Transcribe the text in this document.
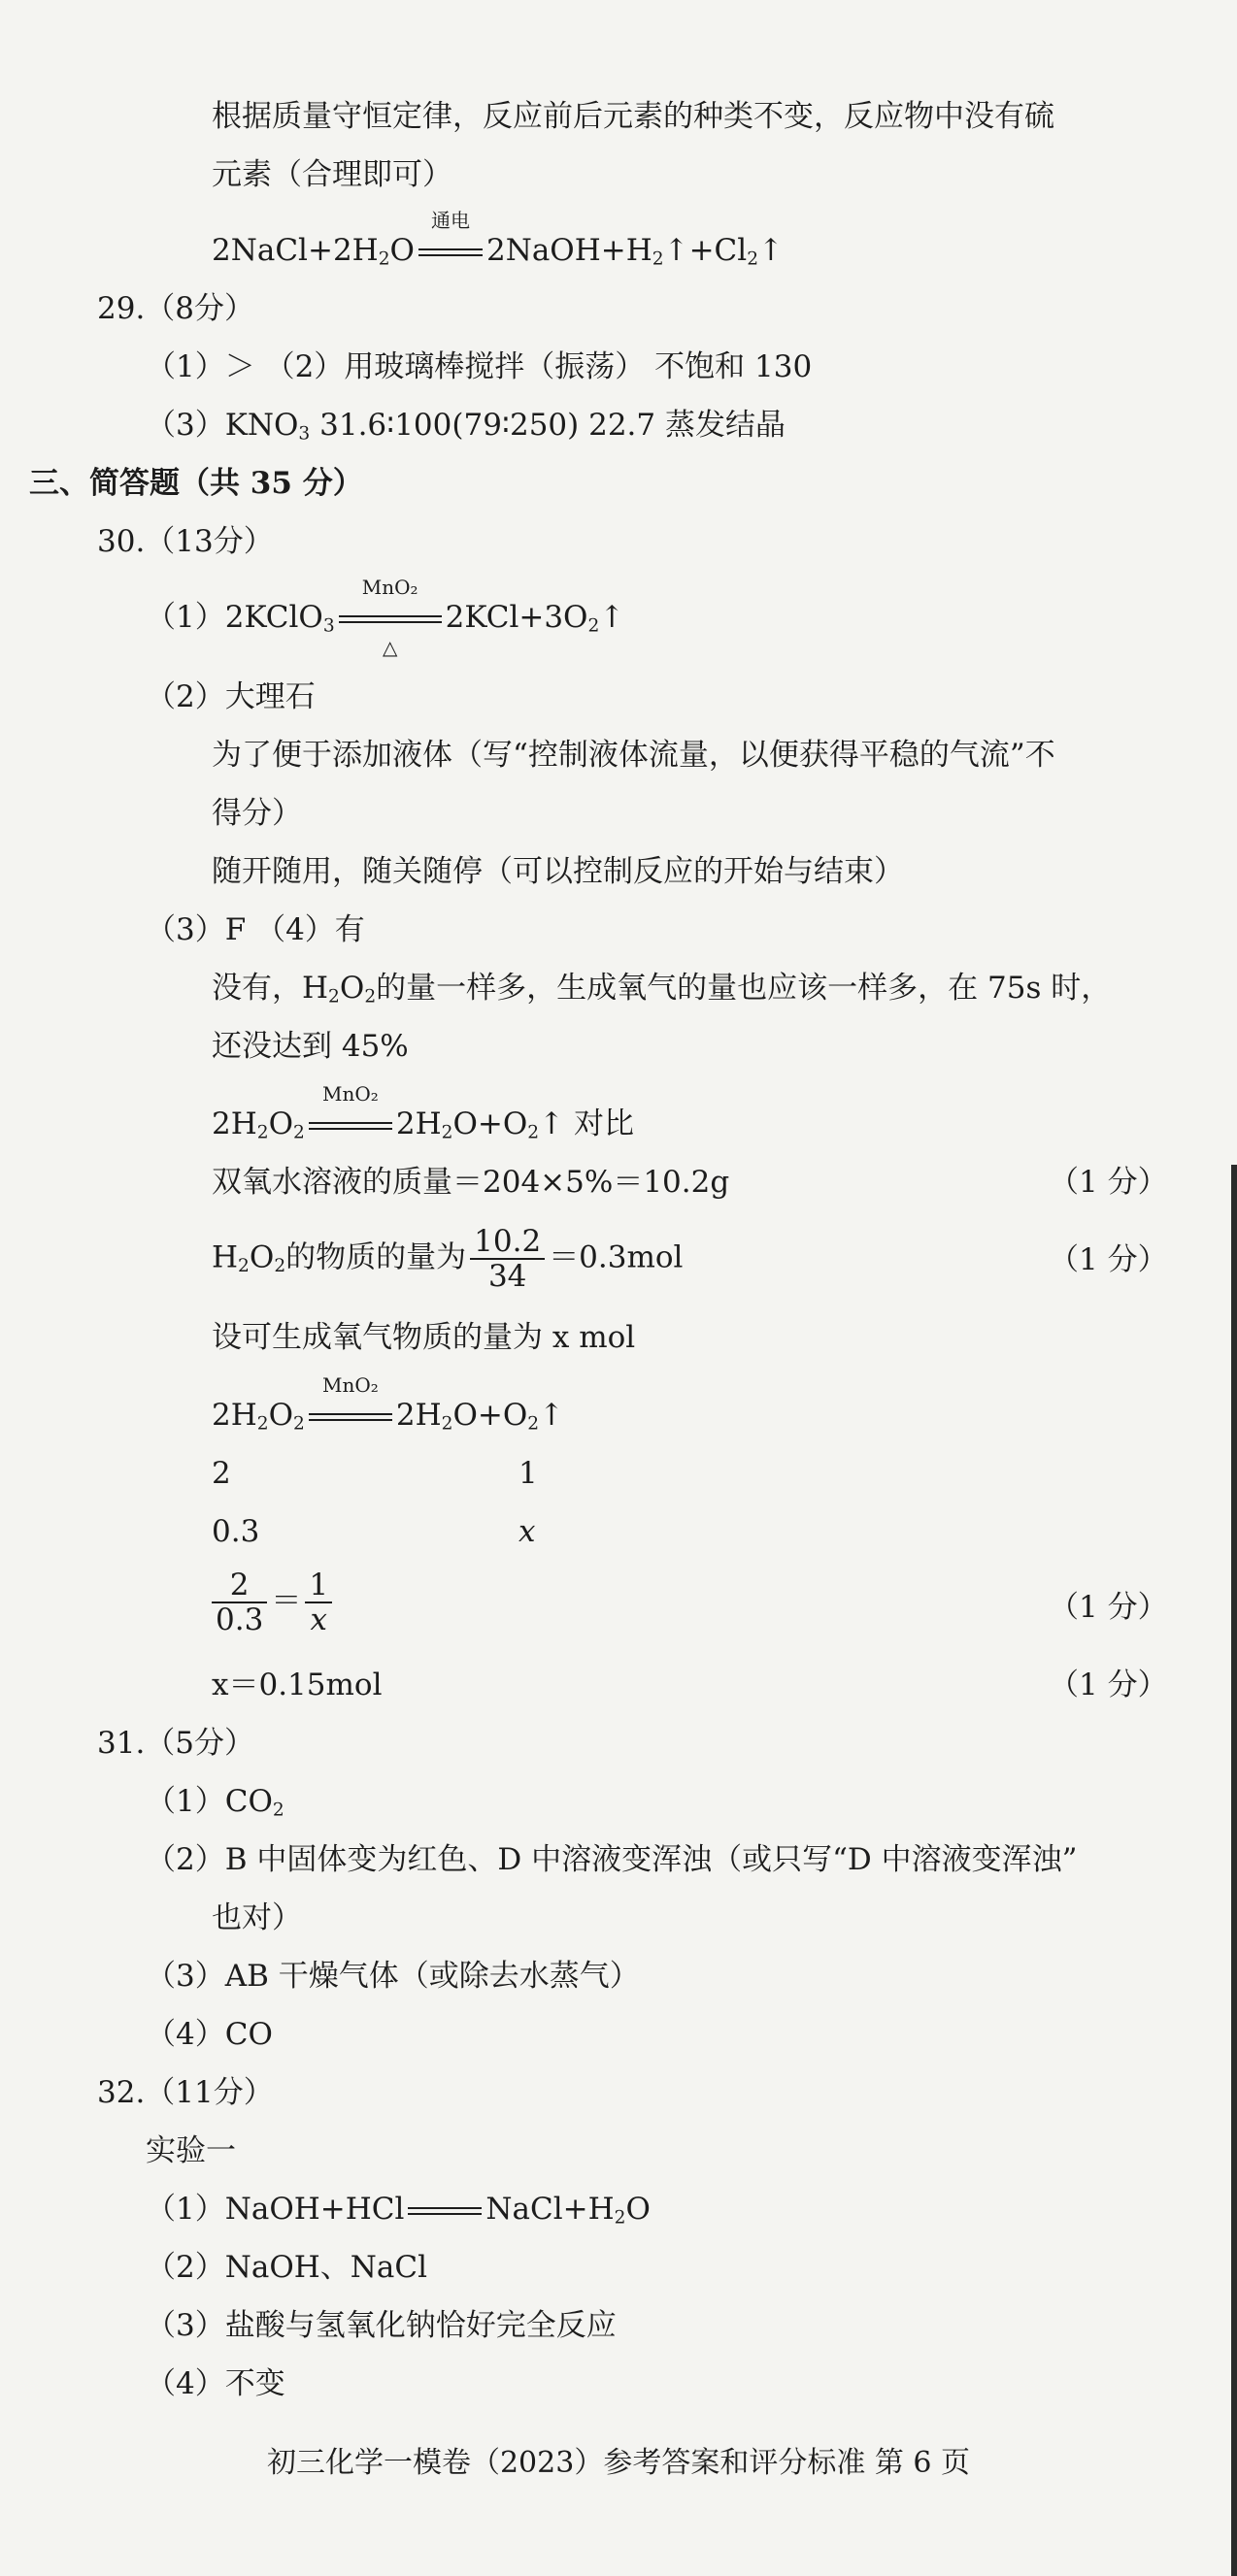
根据质量守恒定律，反应前后元素的种类不变，反应物中没有硫
元素（合理即可）
$2NaCl+2H_2O$
通电
$2NaOH+H_2↑+Cl_2↑$
29.（8分）
（1）＞ （2）用玻璃棒搅拌（振荡） 不饱和 130
$(3)KNO_3$ 31.6∶100(79∶250) 22.7 蒸发结晶
三、简答题（共 35 分）
30.（13分）
（1）2KClO$_3$
MnO₂
△
$2KCl+3O_2↑$
（2）大理石
为了便于添加液体（写“控制液体流量，以便获得平稳的气流”不
得分）
随开随用，随关随停（可以控制反应的开始与结束）
（3）F （4）有
没有，$H_2O_2$的量一样多，生成氧气的量也应该一样多，在 75s 时，
还没达到 45%
$2H_2O_2$
MnO₂
$2H_2O+O_2↑$ 对比
双氧水溶液的质量＝204×5%＝10.2g	（1 分）
$H_2O_2$的物质的量为 $\frac{10.2}{34} =0.3mol$	（1 分）
设可生成氧气物质的量为 x mol
$2H_2O_2$
MnO₂
$2H_2O+O_2↑$
2	1
0.3	x
$\frac{2}{0.3} = \frac{1}{x}$	（1 分）
x＝0.15mol	（1 分）
31.（5分）
$(1)CO_2$
（2）B 中固体变为红色、D 中溶液变浑浊（或只写“D 中溶液变浑浊”
也对）
（3）AB 干燥气体（或除去水蒸气）
（4）CO
32.（11分）
实验一
（1）NaOH+HCl	$NaCl+H_2O$
（2）NaOH、NaCl
（3）盐酸与氢氧化钠恰好完全反应
（4）不变
初三化学一模卷（2023）参考答案和评分标准 第 6 页
